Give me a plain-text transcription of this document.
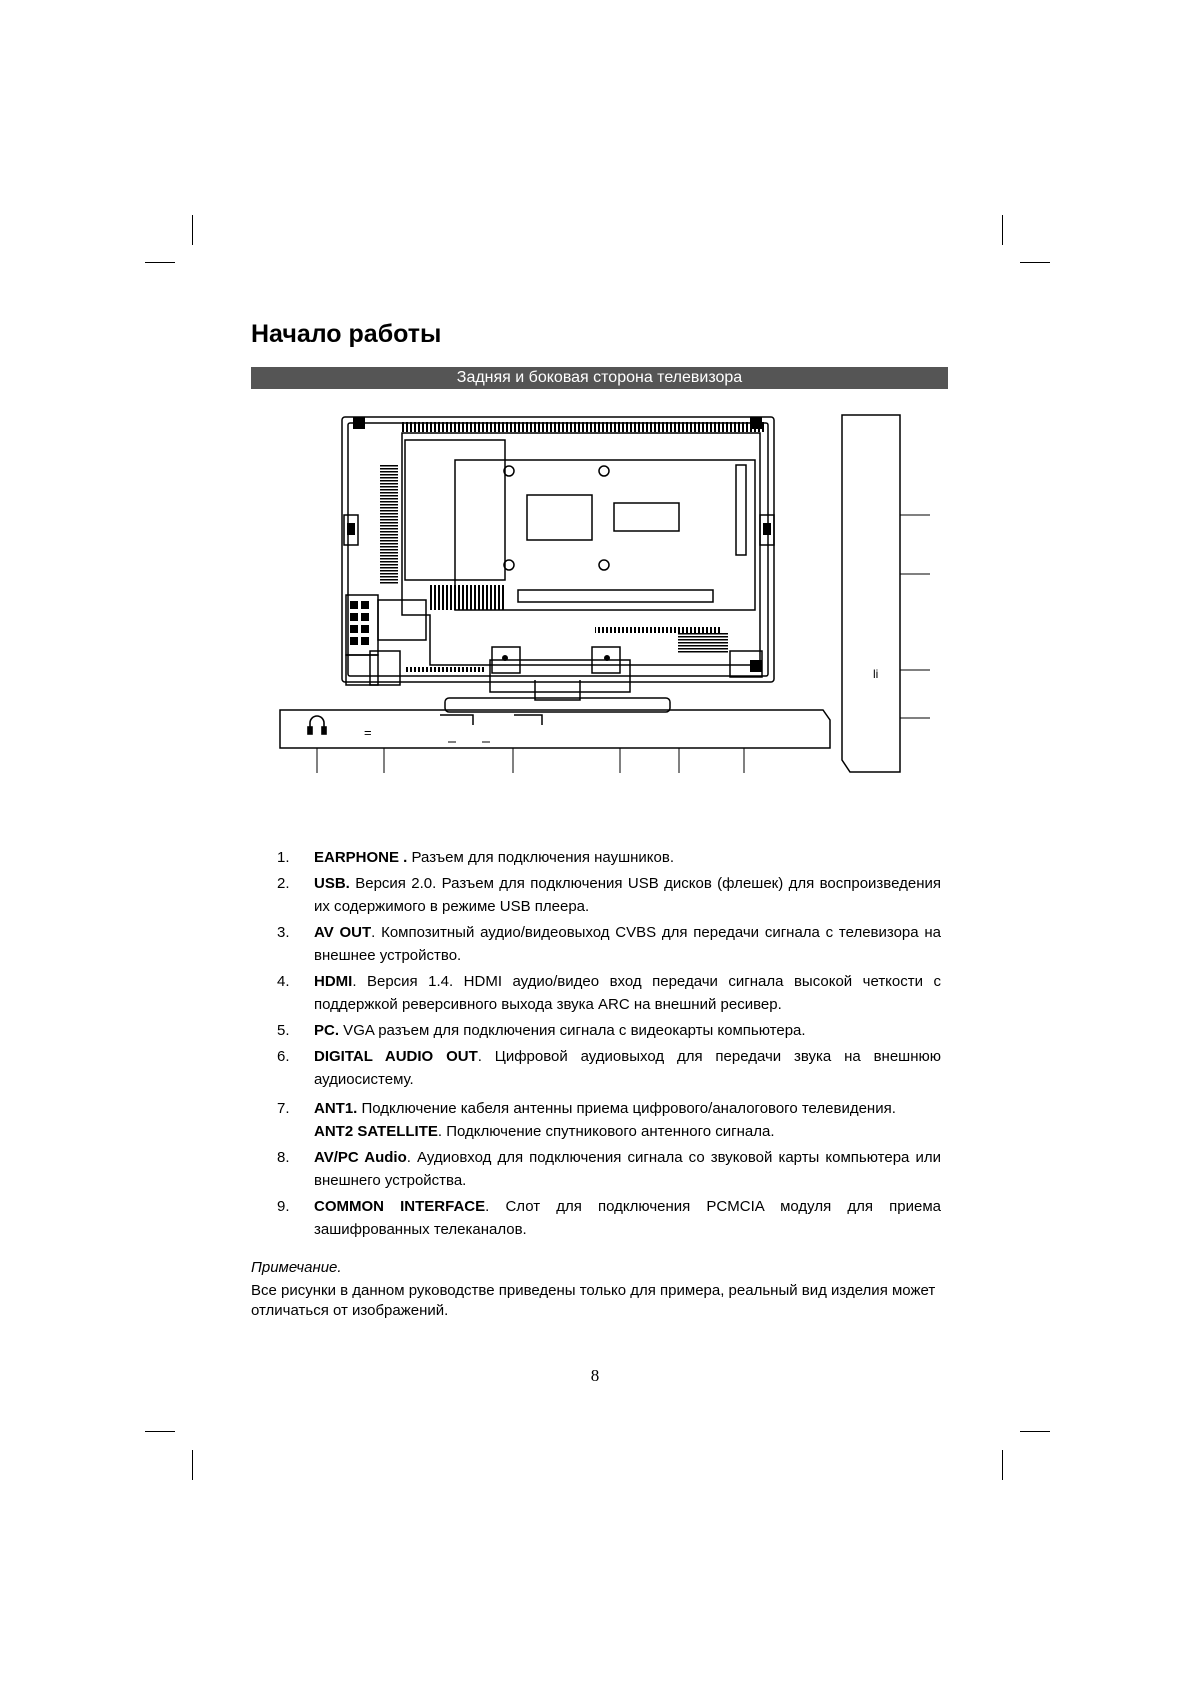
Начало работы
Задняя и боковая сторона телевизора
=
li
1. EARPHONE . Разъем для подключения наушников.
2. USB. Версия 2.0. Разъем для подключения USB дисков (флешек) для воспроизведения их содержимого в режиме USB плеера.
3. AV OUT. Композитный аудио/видеовыход CVBS для передачи сигнала с телевизора на внешнее устройство.
4. HDMI. Версия 1.4. HDMI аудио/видео вход передачи сигнала высокой четкости с поддержкой реверсивного выхода звука ARC на внешний ресивер.
5. PC. VGA разъем для подключения сигнала с видеокарты компьютера.
6. DIGITAL AUDIO OUT. Цифровой аудиовыход для передачи звука на внешнюю аудиосистему.
7. ANT1. Подключение кабеля антенны приема цифрового/аналогового телевидения.
ANT2 SATELLITE. Подключение спутникового антенного сигнала.
8. AV/PC Audio. Аудиовход для подключения сигнала со звуковой карты компьютера или внешнего устройства.
9. COMMON INTERFACE. Слот для подключения PCMCIA модуля для приема зашифрованных телеканалов.
Примечание.
Все рисунки в данном руководстве приведены только для примера, реальный вид изделия может отличаться от изображений.
8
